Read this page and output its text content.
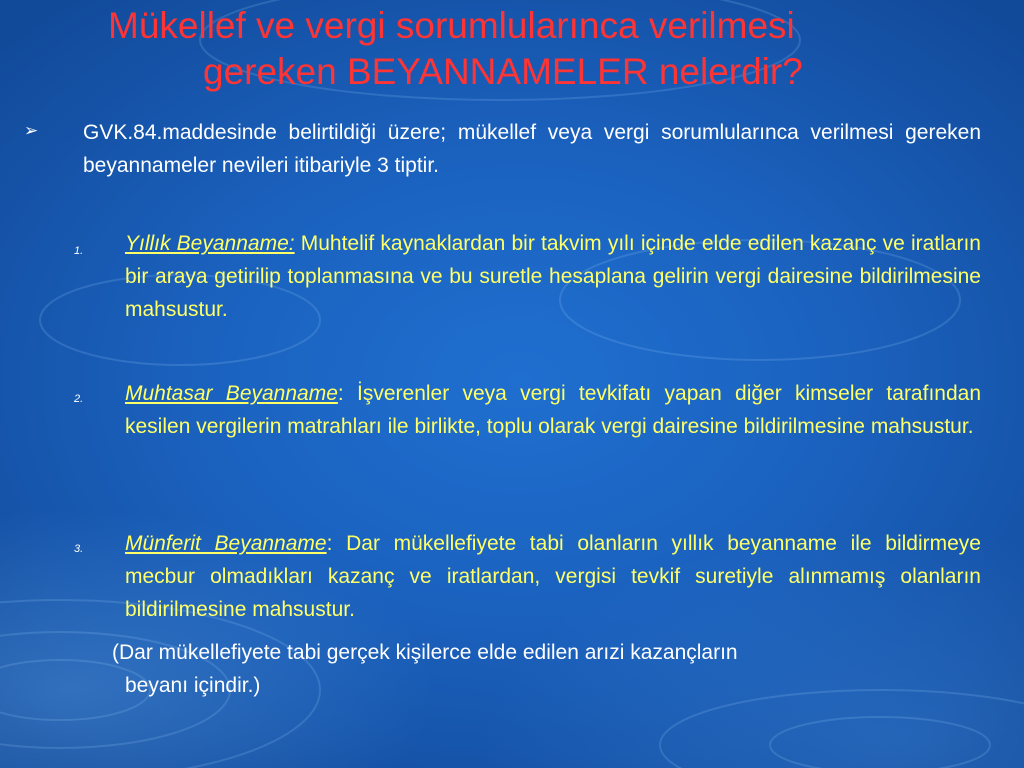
Mükellef ve vergi sorumlularınca verilmesi
gereken BEYANNAMELER nelerdir?
➢ GVK.84.maddesinde belirtildiği üzere; mükellef veya vergi sorumlularınca verilmesi gereken beyannameler nevileri itibariyle 3 tiptir.
1. Yıllık Beyanname: Muhtelif kaynaklardan bir takvim yılı içinde elde edilen kazanç ve iratların bir araya getirilip toplanmasına ve bu suretle hesaplana gelirin vergi dairesine bildirilmesine mahsustur.
2. Muhtasar Beyanname: İşverenler veya vergi tevkifatı yapan diğer kimseler tarafından kesilen vergilerin matrahları ile birlikte, toplu olarak vergi dairesine bildirilmesine mahsustur.
3. Münferit Beyanname: Dar mükellefiyete tabi olanların yıllık beyanname ile bildirmeye mecbur olmadıkları kazanç ve iratlardan, vergisi tevkif suretiyle alınmamış olanların bildirilmesine mahsustur.
(Dar mükellefiyete tabi gerçek kişilerce elde edilen arızi kazançların
beyanı içindir.)
